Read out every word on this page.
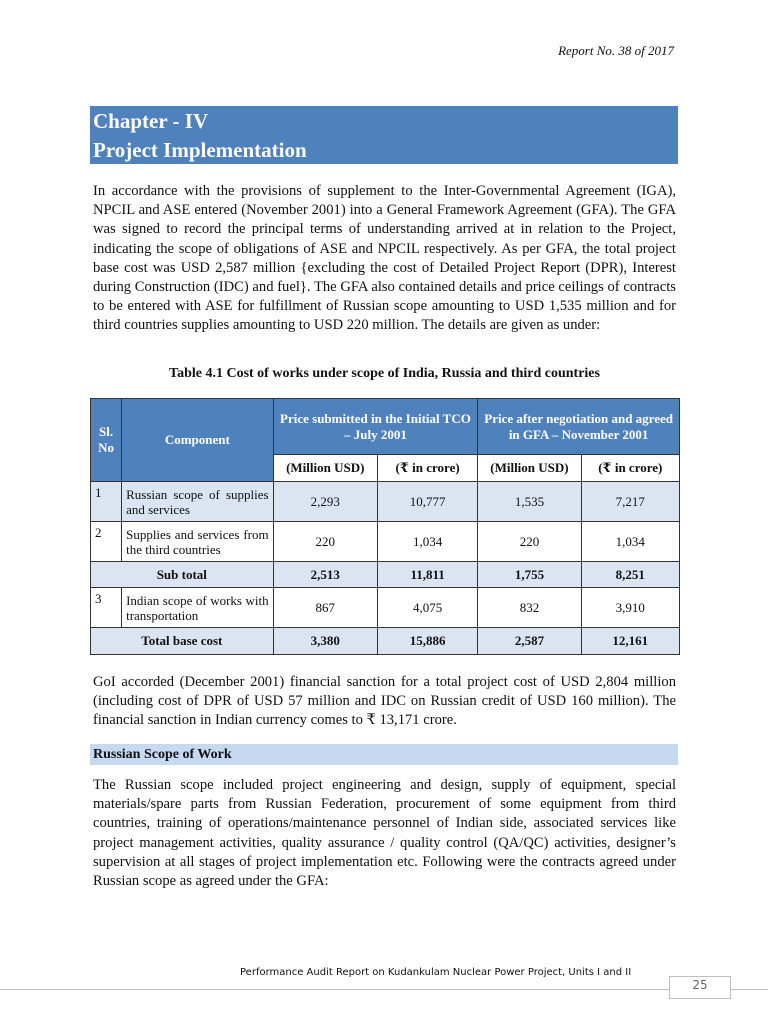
Report No. 38 of 2017
Chapter - IV
Project Implementation

In accordance with the provisions of supplement to the Inter-Governmental Agreement (IGA), NPCIL and ASE entered (November 2001) into a General Framework Agreement (GFA). The GFA was signed to record the principal terms of understanding arrived at in relation to the Project, indicating the scope of obligations of ASE and NPCIL respectively. As per GFA, the total project base cost was USD 2,587 million {excluding the cost of Detailed Project Report (DPR), Interest during Construction (IDC) and fuel}. The GFA also contained details and price ceilings of contracts to be entered with ASE for fulfillment of Russian scope amounting to USD 1,535 million and for third countries supplies amounting to USD 220 million. The details are given as under:

Table 4.1 Cost of works under scope of India, Russia and third countries
Sl. No	Component	Price submitted in the Initial TCO – July 2001		Price after negotiation and agreed in GFA – November 2001	
		(Million USD)	(₹ in crore)	(Million USD)	(₹ in crore)
1	Russian scope of supplies and services	2,293	10,777	1,535	7,217
2	Supplies and services from the third countries	220	1,034	220	1,034
Sub total		2,513	11,811	1,755	8,251
3	Indian scope of works with transportation	867	4,075	832	3,910
Total base cost		3,380	15,886	2,587	12,161

GoI accorded (December 2001) financial sanction for a total project cost of USD 2,804 million (including cost of DPR of USD 57 million and IDC on Russian credit of USD 160 million). The financial sanction in Indian currency comes to ₹ 13,171 crore.

Russian Scope of Work

The Russian scope included project engineering and design, supply of equipment, special materials/spare parts from Russian Federation, procurement of some equipment from third countries, training of operations/maintenance personnel of Indian side, associated services like project management activities, quality assurance / quality control (QA/QC) activities, designer’s supervision at all stages of project implementation etc. Following were the contracts agreed under Russian scope as agreed under the GFA:

Performance Audit Report on Kudankulam Nuclear Power Project, Units I and II
25
